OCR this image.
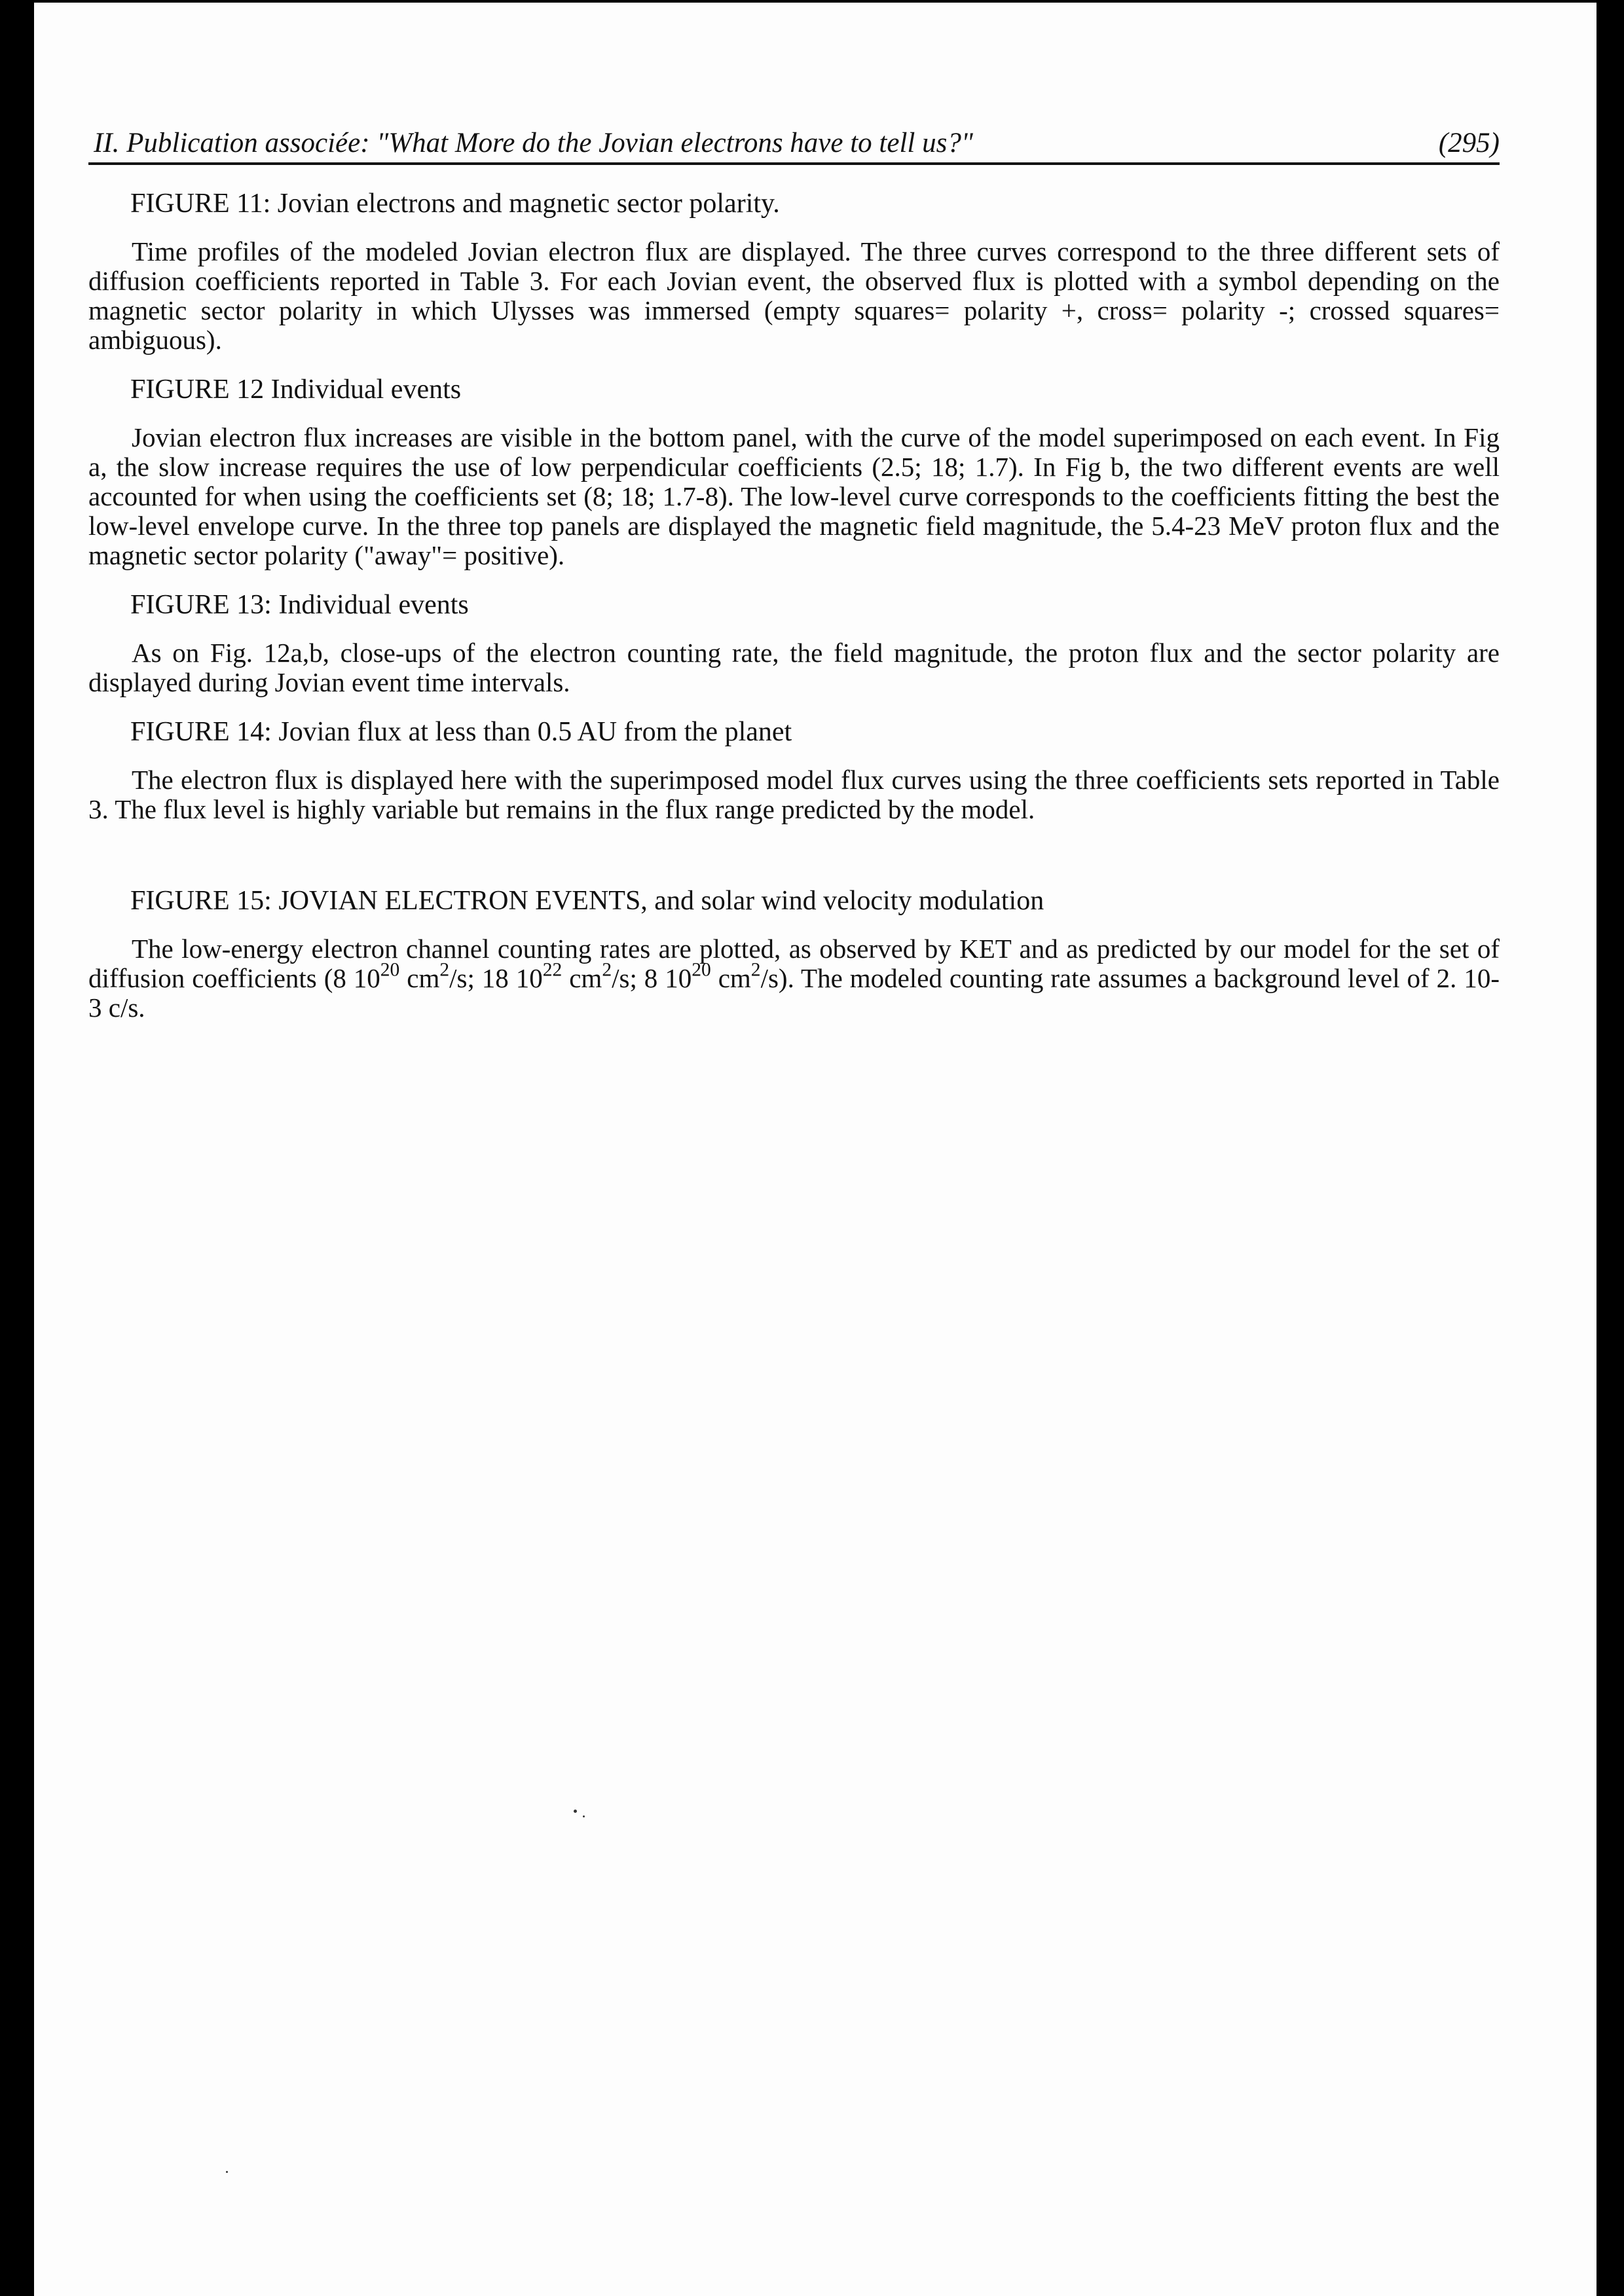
II. Publication associée: "What More do the Jovian electrons have to tell us?"	(295)

FIGURE 11: Jovian electrons and magnetic sector polarity.

Time profiles of the modeled Jovian electron flux are displayed. The three curves correspond to the three different sets of diffusion coefficients reported in Table 3. For each Jovian event, the observed flux is plotted with a symbol depending on the magnetic sector polarity in which Ulysses was immersed (empty squares= polarity +, cross= polarity -; crossed squares= ambiguous).

FIGURE 12 Individual events

Jovian electron flux increases are visible in the bottom panel, with the curve of the model superimposed on each event. In Fig a, the slow increase requires the use of low perpendicular coefficients (2.5; 18; 1.7). In Fig b, the two different events are well accounted for when using the coefficients set (8; 18; 1.7-8). The low-level curve corresponds to the coefficients fitting the best the low-level envelope curve. In the three top panels are displayed the magnetic field magnitude, the 5.4-23 MeV proton flux and the magnetic sector polarity ("away"= positive).

FIGURE 13: Individual events

As on Fig. 12a,b, close-ups of the electron counting rate, the field magnitude, the proton flux and the sector polarity are displayed during Jovian event time intervals.

FIGURE 14: Jovian flux at less than 0.5 AU from the planet

The electron flux is displayed here with the superimposed model flux curves using the three coefficients sets reported in Table 3. The flux level is highly variable but remains in the flux range predicted by the model.

FIGURE 15: JOVIAN ELECTRON EVENTS, and solar wind velocity modulation

The low-energy electron channel counting rates are plotted, as observed by KET and as predicted by our model for the set of diffusion coefficients (8 $10^{20}$ $cm^2/s$; 18 $10^{22}$ $cm^2/s$; 8 $10^{20}$ $cm^2/s$). The modeled counting rate assumes a background level of 2. 10-3 c/s.
